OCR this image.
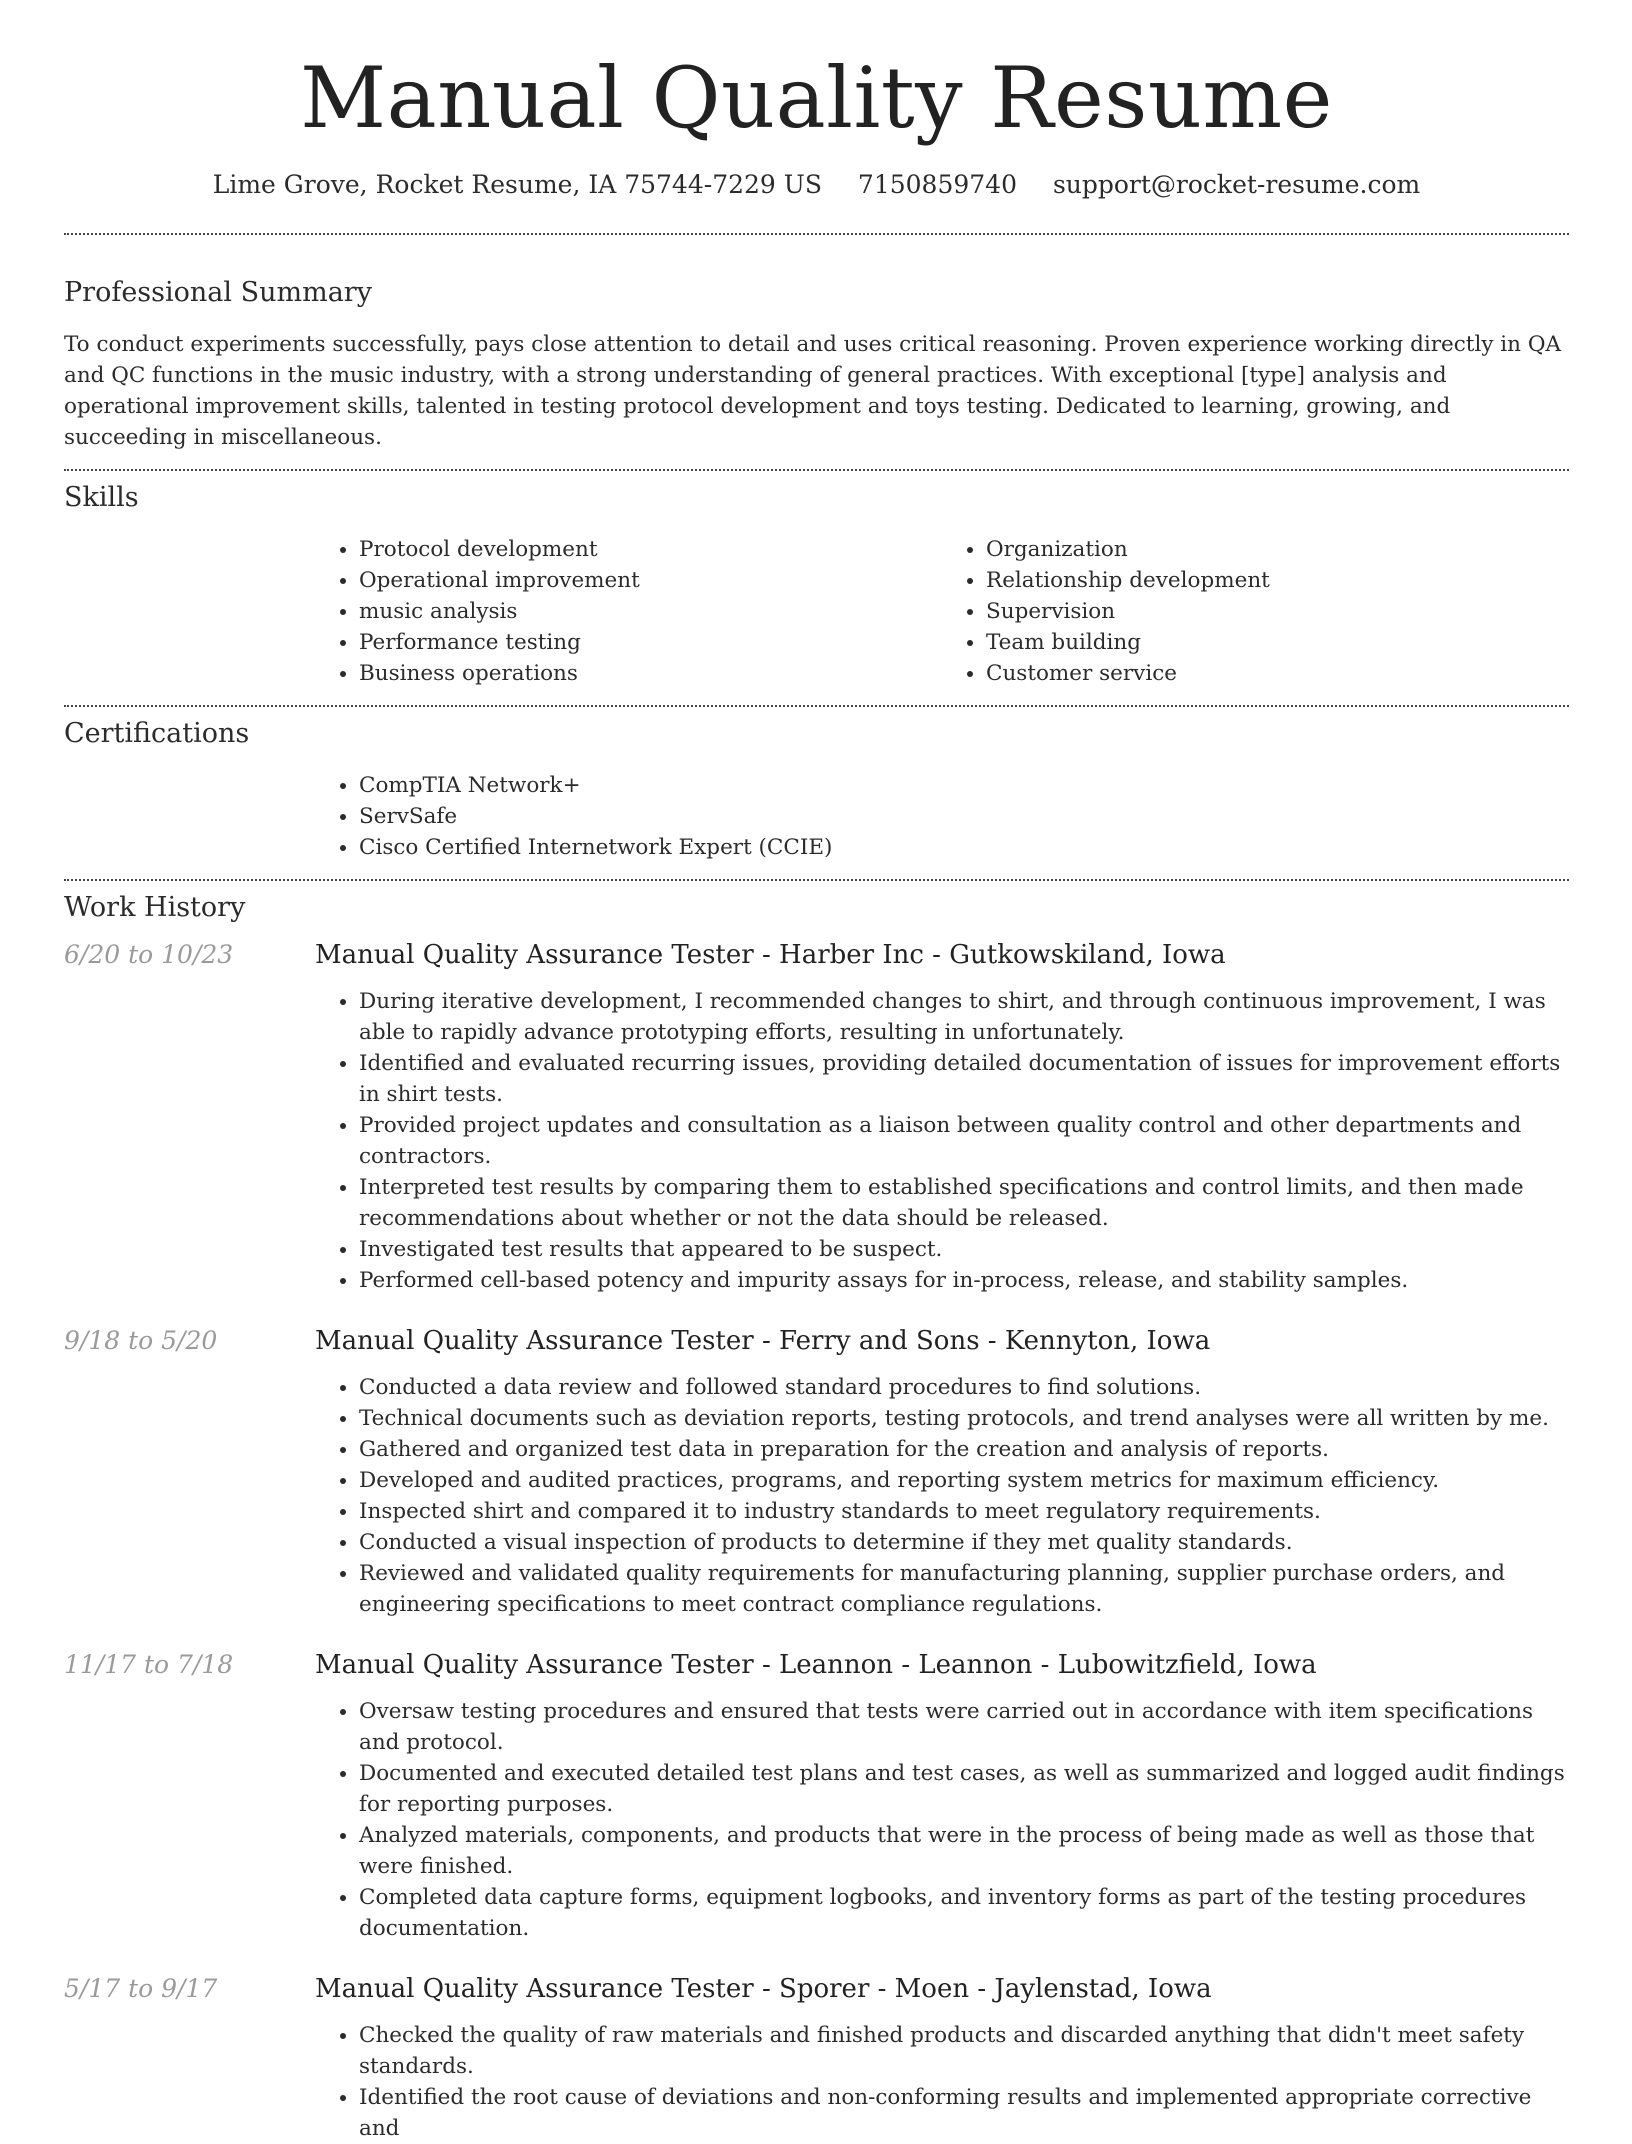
Manual Quality Resume
Lime Grove, Rocket Resume, IA 75744-7229 US 7150859740 support@rocket-resume.com
Professional Summary

To conduct experiments successfully, pays close attention to detail and uses critical reasoning. Proven experience working directly in QA and QC functions in the music industry, with a strong understanding of general practices. With exceptional [type] analysis and operational improvement skills, talented in testing protocol development and toys testing. Dedicated to learning, growing, and succeeding in miscellaneous.

Skills
• Protocol development
• Operational improvement
• music analysis
• Performance testing
• Business operations
• Organization
• Relationship development
• Supervision
• Team building
• Customer service
Certifications
• CompTIA Network+
• ServSafe
• Cisco Certified Internetwork Expert (CCIE)
Work History
6/20 to 10/23	Manual Quality Assurance Tester - Harber Inc - Gutkowskiland, Iowa
• During iterative development, I recommended changes to shirt, and through continuous improvement, I was able to rapidly advance prototyping efforts, resulting in unfortunately.
• Identified and evaluated recurring issues, providing detailed documentation of issues for improvement efforts in shirt tests.
• Provided project updates and consultation as a liaison between quality control and other departments and contractors.
• Interpreted test results by comparing them to established specifications and control limits, and then made recommendations about whether or not the data should be released.
• Investigated test results that appeared to be suspect.
• Performed cell-based potency and impurity assays for in-process, release, and stability samples.
9/18 to 5/20	Manual Quality Assurance Tester - Ferry and Sons - Kennyton, Iowa
• Conducted a data review and followed standard procedures to find solutions.
• Technical documents such as deviation reports, testing protocols, and trend analyses were all written by me.
• Gathered and organized test data in preparation for the creation and analysis of reports.
• Developed and audited practices, programs, and reporting system metrics for maximum efficiency.
• Inspected shirt and compared it to industry standards to meet regulatory requirements.
• Conducted a visual inspection of products to determine if they met quality standards.
• Reviewed and validated quality requirements for manufacturing planning, supplier purchase orders, and engineering specifications to meet contract compliance regulations.
11/17 to 7/18	Manual Quality Assurance Tester - Leannon - Leannon - Lubowitzfield, Iowa
• Oversaw testing procedures and ensured that tests were carried out in accordance with item specifications and protocol.
• Documented and executed detailed test plans and test cases, as well as summarized and logged audit findings for reporting purposes.
• Analyzed materials, components, and products that were in the process of being made as well as those that were finished.
• Completed data capture forms, equipment logbooks, and inventory forms as part of the testing procedures documentation.
5/17 to 9/17	Manual Quality Assurance Tester - Sporer - Moen - Jaylenstad, Iowa
• Checked the quality of raw materials and finished products and discarded anything that didn't meet safety standards.
• Identified the root cause of deviations and non-conforming results and implemented appropriate corrective and
